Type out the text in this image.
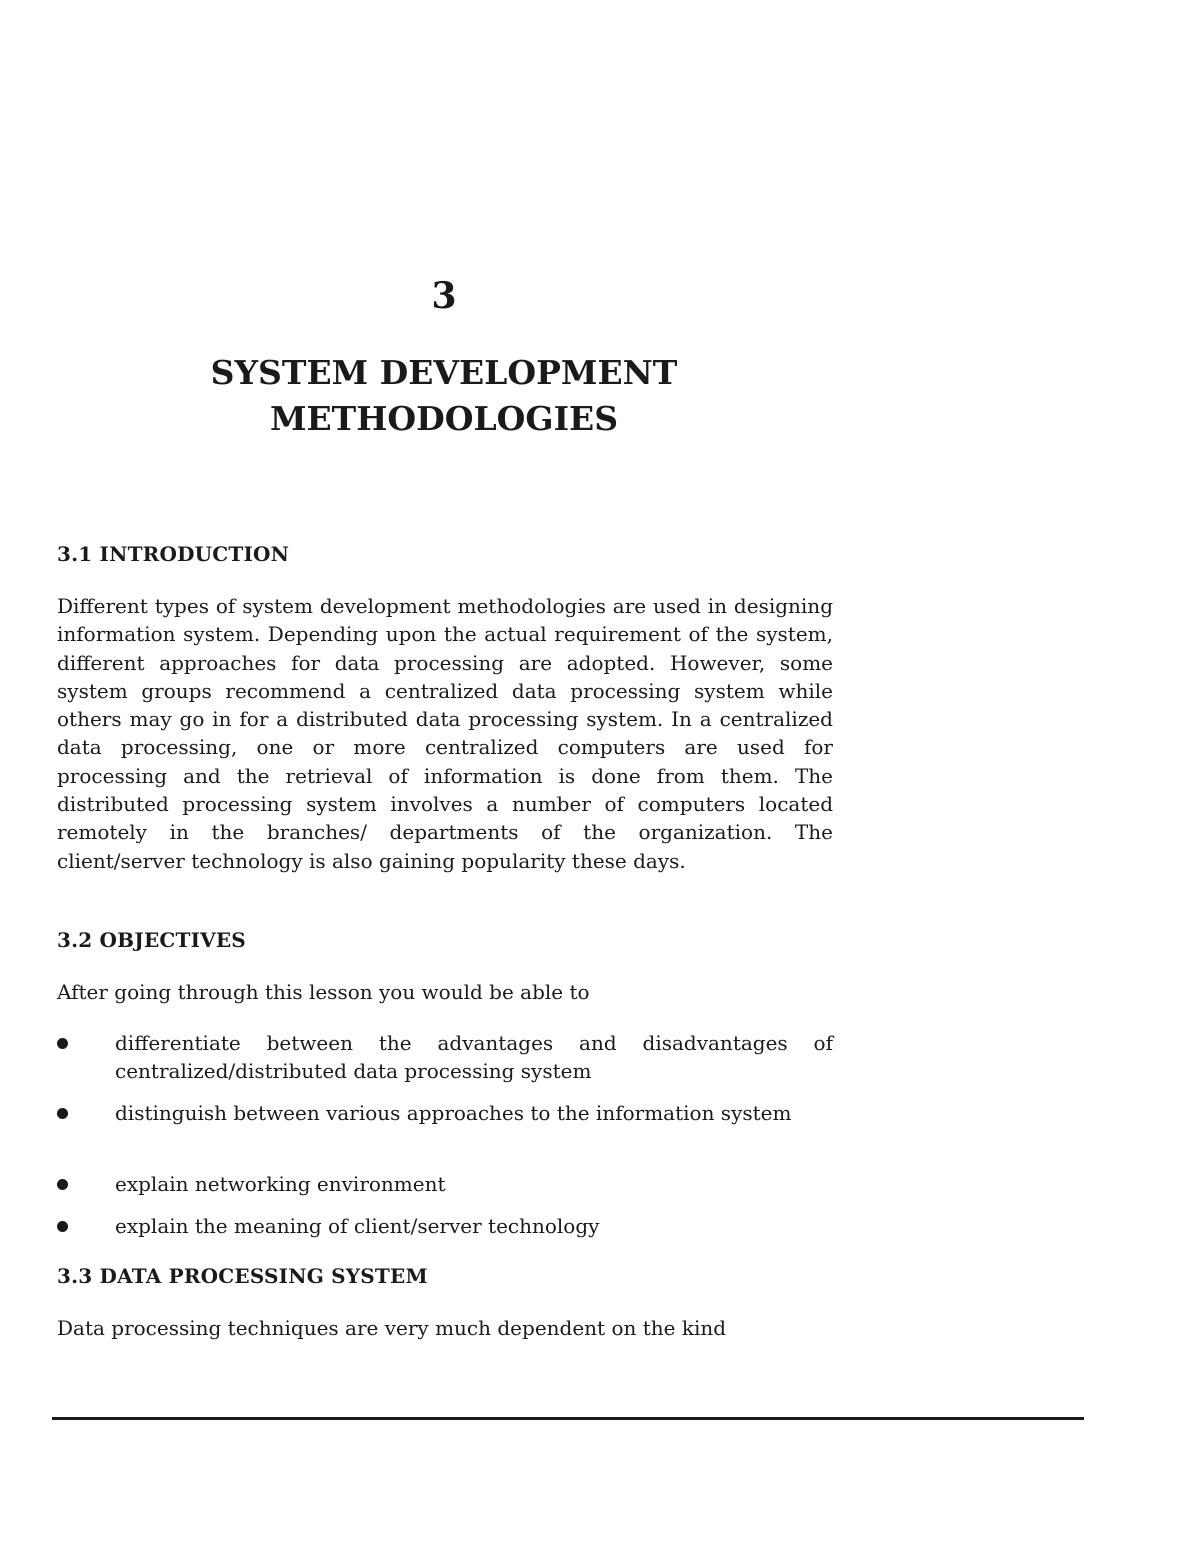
3
SYSTEM DEVELOPMENT
METHODOLOGIES
3.1 INTRODUCTION

Different types of system development methodologies are used in designing information system. Depending upon the actual requirement of the system, different approaches for data processing are adopted. However, some system groups recommend a centralized data processing system while others may go in for a distributed data processing system. In a centralized data processing, one or more centralized computers are used for processing and the retrieval of information is done from them. The distributed processing system involves a number of computers located remotely in the branches/ departments of the organization. The client/server technology is also gaining popularity these days.

3.2 OBJECTIVES

After going through this lesson you would be able to

differentiate between the advantages and disadvantages of centralized/distributed data processing system

distinguish between various approaches to the information system

explain networking environment

explain the meaning of client/server technology

3.3 DATA PROCESSING SYSTEM

Data processing techniques are very much dependent on the kind
